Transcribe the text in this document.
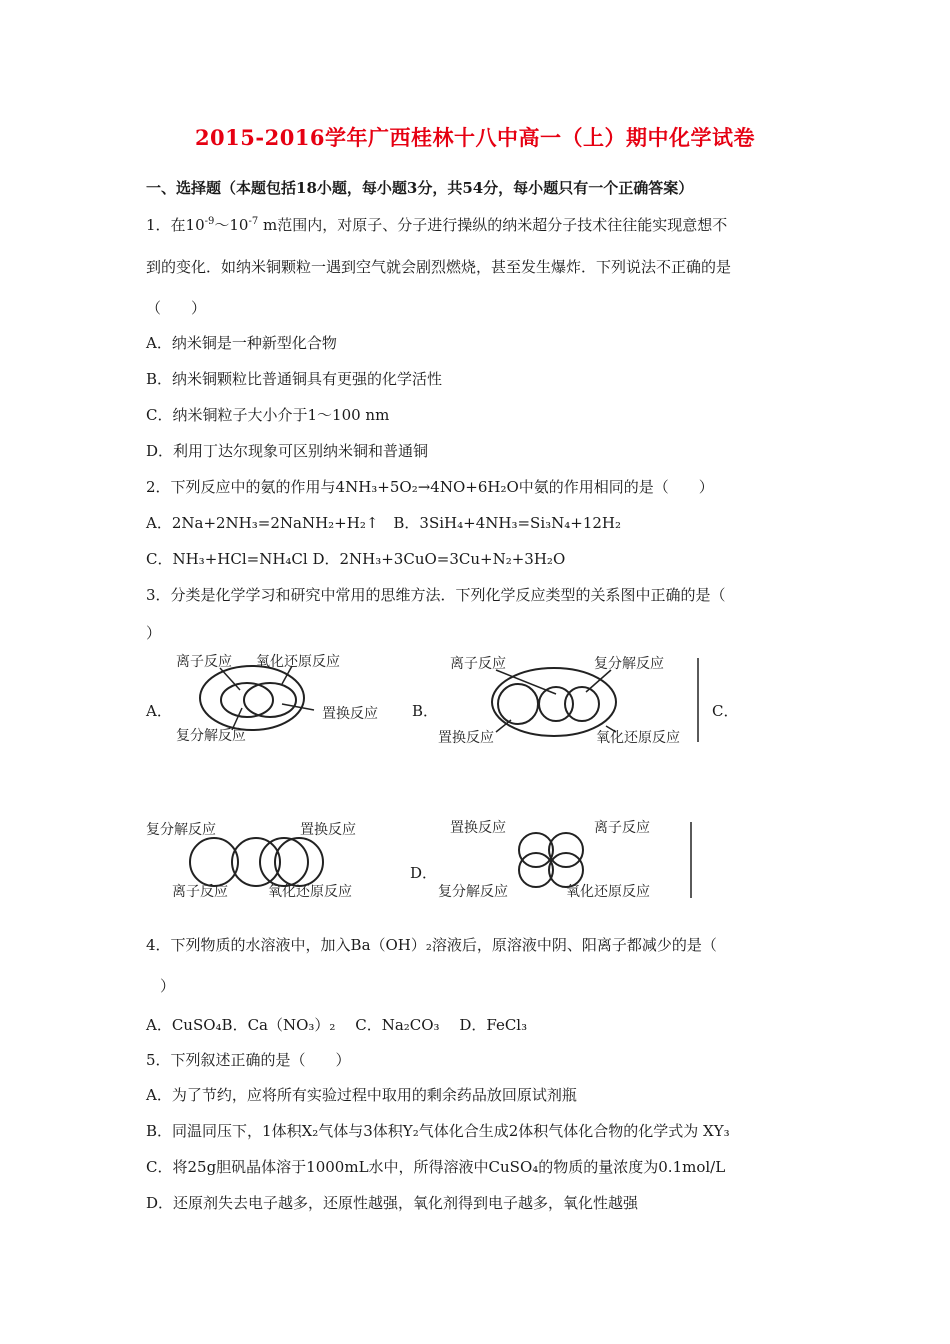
2015-2016学年广西桂林十八中高一（上）期中化学试卷
一、选择题（本题包括18小题，每小题3分，共54分，每小题只有一个正确答案）
1．在$10^{-9}\sim 10^{-7}$ m范围内，对原子、分子进行操纵的纳米超分子技术往往能实现意想不
到的变化．如纳米铜颗粒一遇到空气就会剧烈燃烧，甚至发生爆炸．下列说法不正确的是
（　　）
A．纳米铜是一种新型化合物
B．纳米铜颗粒比普通铜具有更强的化学活性
C．纳米铜粒子大小介于1～100 nm
D．利用丁达尔现象可区别纳米铜和普通铜
2．下列反应中的氨的作用与4NH₃+5O₂→4NO+6H₂O中氨的作用相同的是（　　）
A．2Na+2NH₃=2NaNH₂+H₂↑　B．3SiH₄+4NH₃=Si₃N₄+12H₂
C．NH₃+HCl=NH₄Cl D．2NH₃+3CuO=3Cu+N₂+3H₂O
3．分类是化学学习和研究中常用的思维方法．下列化学反应类型的关系图中正确的是（
）
A．
离子反应 氧化还原反应
置换反应
复分解反应
B．
离子反应	复分解反应
置换反应	氧化还原反应
C．
复分解反应	置换反应
离子反应	氧化还原反应
D．
置换反应	离子反应
复分解反应	氧化还原反应
4．下列物质的水溶液中，加入Ba（OH）₂溶液后，原溶液中阴、阳离子都减少的是（
）
A．CuSO₄B．Ca（NO₃）₂　 C．Na₂CO₃　 D．FeCl₃
5．下列叙述正确的是（　　）
A．为了节约，应将所有实验过程中取用的剩余药品放回原试剂瓶
B．同温同压下，1体积X₂气体与3体积Y₂气体化合生成2体积气体化合物的化学式为 XY₃
C．将25g胆矾晶体溶于1000mL水中，所得溶液中CuSO₄的物质的量浓度为0.1mol/L
D．还原剂失去电子越多，还原性越强，氧化剂得到电子越多，氧化性越强
